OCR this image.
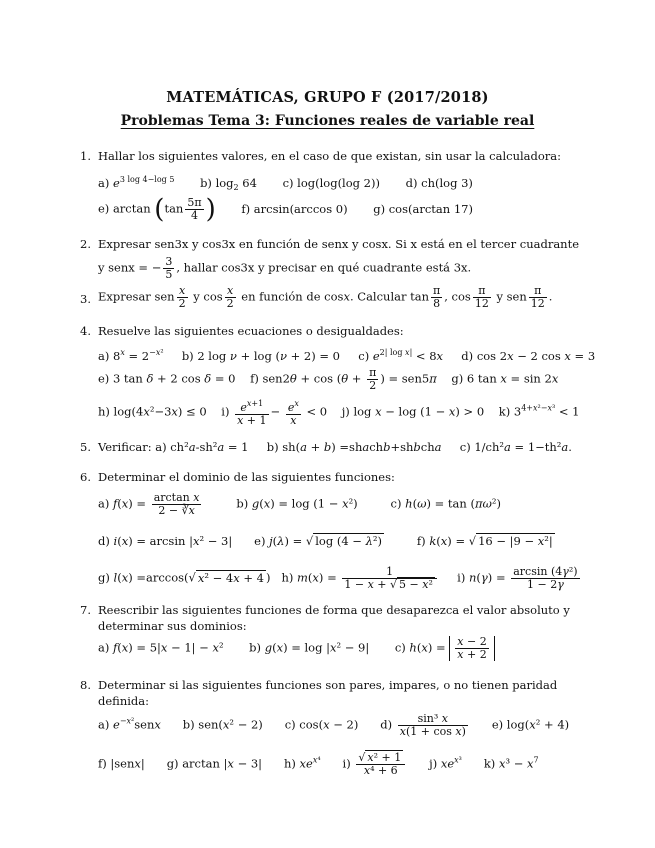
MATEMÁTICAS, GRUPO F (2017/2018)
Problemas Tema 3: Funciones reales de variable real
1. Hallar los siguientes valores, en el caso de que existan, sin usar la calculadora:
a) $e^{3 log 4-log 5}$ b) $\log_2 64$ c) log(log(log 2)) d) ch(log 3)
e) $\arctan (\tan \frac{5\pi}{4}$ ) f) arcsin(arccos 0) g) cos(arctan 17)
2. Expresar sen3x y cos3x en función de senx y cosx. Si x está en el tercer cuadrante
y senx = − $\frac{3}{5}$ , hallar cos3x y precisar en qué cuadrante está 3x.
3. Expresar sen $\frac{x}{2}$ y $\cos \frac{x}{2}$ en función de cosx. Calcular $\tan \frac{\pi}{8}$ , $\cos \frac{\pi}{12}$ y sen $\frac{\pi}{12}$ .
4. Resuelve las siguientes ecuaciones o desigualdades:
a) $8^x = 2^{-x^2}$     b) 2 log ν + log (ν + 2) = 0     c) $e^{2| log x|} < 8x$     d) cos 2x − 2 cos x = 3
e) 3 tan δ + 2 cos δ = 0    f) $sen2\theta + \cos (\theta + \frac{\pi}{2}$ ) = sen5π    g) 6 tan x = sin 2x
h) log(4x²−3x) ≤ 0    $i) \frac{e^{x+1}}{x + 1} - \frac{e^x}{x} < 0$    j) log x − log (1 − x) > 0    k) $3^{4+x^2-x^3} < 1$
5. Verificar: a) ch²a-sh²a = 1     b) sh(a + b) =shachb+shbcha     c) 1/ch²a = 1−th²a.
6. Determinar el dominio de las siguientes funciones:
a) $f(x) = \frac{\text{arctan x}}{2 - ∛x} b$) g(x) = log (1 − x²)         c) h(ω) = tan (πω²)
d) i(x) = arcsin |x² − 3|      e) j(λ) = √ log (4 − λ²)         f) k(x) = √ 16 − |9 − x²|
g) l(x) =arccos(√ x² − 4x + 4 )   h) $m(x) = \frac{1}{\text{1 − x + √ 5 − x²}} i$) $n(\gamma) = \frac{\text{arcsin (4γ²)}}{1 - 2\gamma}$
7. Reescribir las siguientes funciones de forma que desaparezca el valor absoluto y
determinar sus dominios:
a) f(x) = 5|x − 1| − x²       b) g(x) = log |x² − 9|       c) $h(x) = \frac{x - 2}{x + 2}$
8. Determinar si las siguientes funciones son pares, impares, o no tienen paridad
definida:
a) $e^{-x^2}senx$      b) sen(x² − 2)      c) cos(x − 2)      $d) \frac{\text{sin³ x}}{\text{x(1 + cos x)}} e$) log(x² + 4)
f) |senx|      g) arctan |x − 3|      h) $xe^{x^4}$      $i) \frac{\text{√ x² + 1}}{\text{x⁴ + 6}} j$) $xe^{x^3}$      k) $x^3 - x^7$
